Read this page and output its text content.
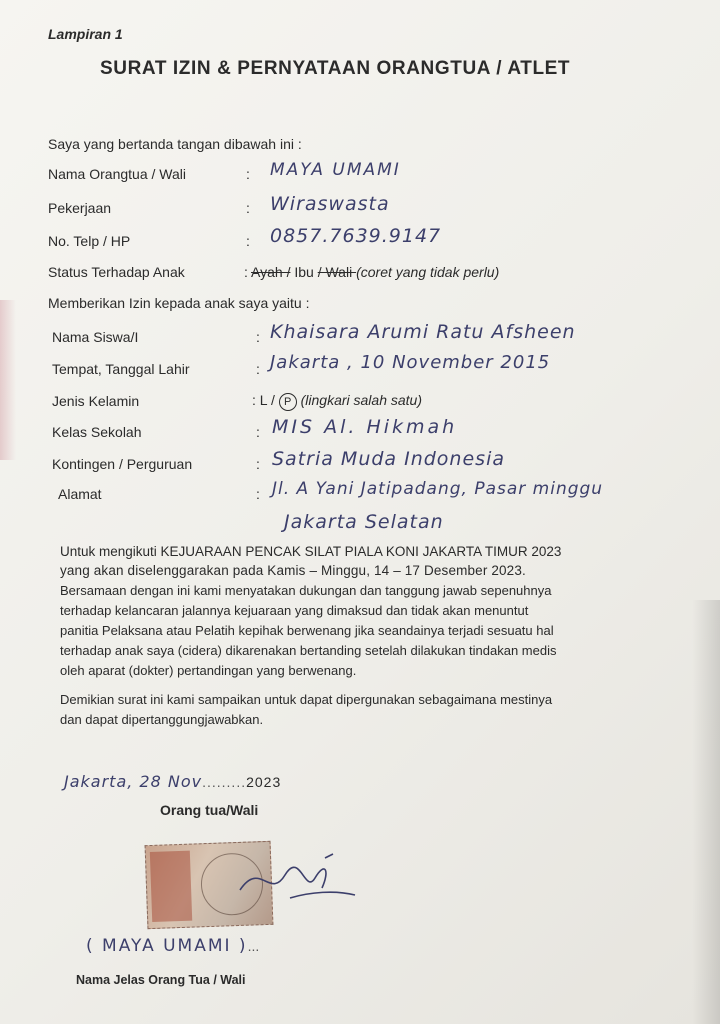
Lampiran 1
SURAT IZIN & PERNYATAAN ORANGTUA / ATLET
Saya yang bertanda tangan dibawah ini :
Nama Orangtua / Wali	: MAYA UMAMI
Pekerjaan	: Wiraswasta
No. Telp / HP	: 0857.7639.9147
Status Terhadap Anak	: Ayah / Ibu / Wali (coret yang tidak perlu)
Memberikan Izin kepada anak saya yaitu :
Nama Siswa/I	: Khaisara Arumi Ratu Afsheen
Tempat, Tanggal Lahir	: Jakarta , 10 November 2015
Jenis Kelamin	: L / P (lingkari salah satu)
Kelas Sekolah	: MIS Al. Hikmah
Kontingen / Perguruan	: Satria Muda Indonesia
Alamat	: Jl. A Yani Jatipadang, Pasar minggu
Jakarta Selatan
Untuk mengikuti KEJUARAAN PENCAK SILAT PIALA KONI JAKARTA TIMUR 2023
yang akan diselenggarakan pada Kamis – Minggu, 14 – 17 Desember 2023.
Bersamaan dengan ini kami menyatakan dukungan dan tanggung jawab sepenuhnya
terhadap kelancaran jalannya kejuaraan yang dimaksud dan tidak akan menuntut
panitia Pelaksana atau Pelatih kepihak berwenang jika seandainya terjadi sesuatu hal
terhadap anak saya (cidera) dikarenakan bertanding setelah dilakukan tindakan medis
oleh aparat (dokter) pertandingan yang berwenang.
Demikian surat ini kami sampaikan untuk dapat dipergunakan sebagaimana mestinya
dan dapat dipertanggungjawabkan.
Jakarta, 28 Nov.........2023
Orang tua/Wali
( MAYA UMAMI )...
Nama Jelas Orang Tua / Wali
